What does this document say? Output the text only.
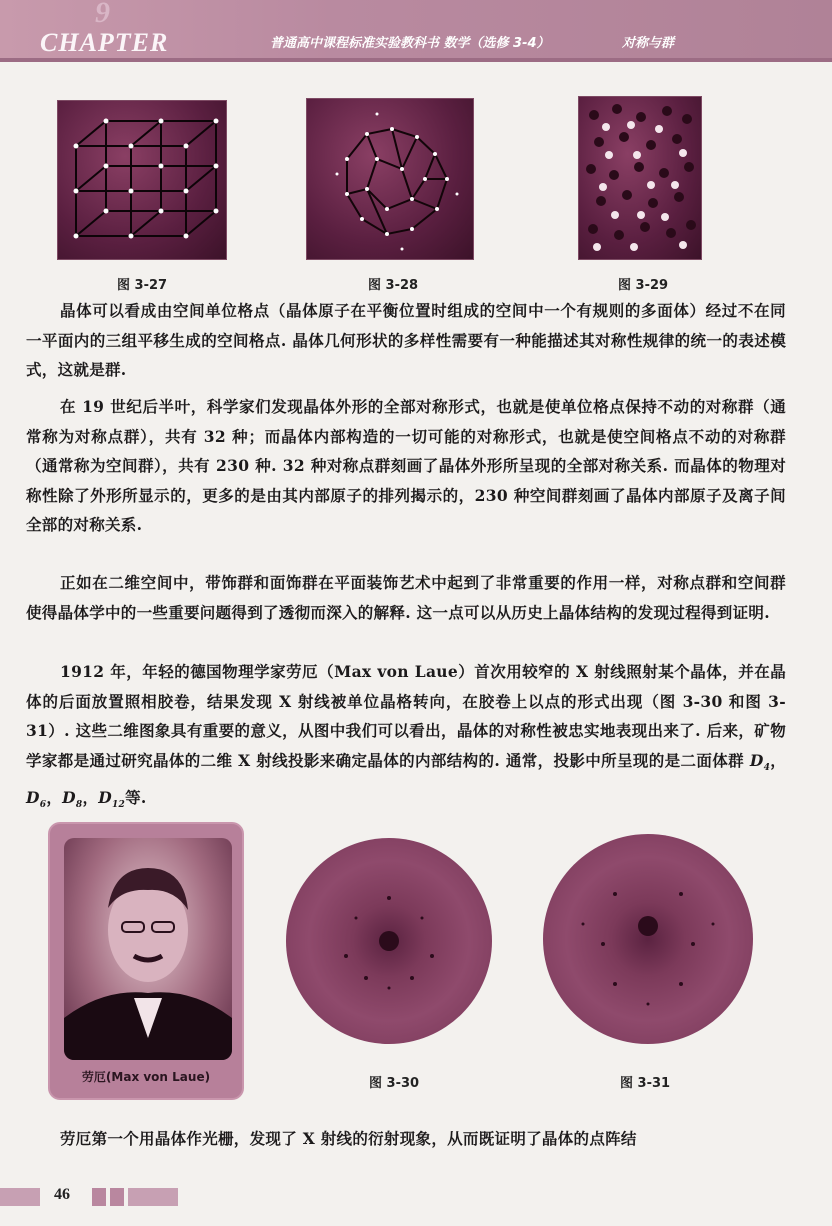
9
CHAPTER	普通高中课程标准实验教科书 数学（选修 3-4）	对称与群
图 3-27	图 3-28	图 3-29

晶体可以看成由空间单位格点（晶体原子在平衡位置时组成的空间中一个有规则的多面体）经过不在同一平面内的三组平移生成的空间格点. 晶体几何形状的多样性需要有一种能描述其对称性规律的统一的表述模式，这就是群.

在 19 世纪后半叶，科学家们发现晶体外形的全部对称形式，也就是使单位格点保持不动的对称群（通常称为对称点群），共有 32 种；而晶体内部构造的一切可能的对称形式，也就是使空间格点不动的对称群（通常称为空间群），共有 230 种. 32 种对称点群刻画了晶体外形所呈现的全部对称关系. 而晶体的物理对称性除了外形所显示的，更多的是由其内部原子的排列揭示的，230 种空间群刻画了晶体内部原子及离子间全部的对称关系.

正如在二维空间中，带饰群和面饰群在平面装饰艺术中起到了非常重要的作用一样，对称点群和空间群使得晶体学中的一些重要问题得到了透彻而深入的解释. 这一点可以从历史上晶体结构的发现过程得到证明.

1912 年，年轻的德国物理学家劳厄（Max von Laue）首次用较窄的 X 射线照射某个晶体，并在晶体的后面放置照相胶卷，结果发现 X 射线被单位晶格转向，在胶卷上以点的形式出现（图 3-30 和图 3-31）. 这些二维图象具有重要的意义，从图中我们可以看出，晶体的对称性被忠实地表现出来了. 后来，矿物学家都是通过研究晶体的二维 X 射线投影来确定晶体的内部结构的. 通常，投影中所呈现的是二面体群 $D_4$，$D_6$，$D_8$，$D_{12}$等.

劳厄(Max von Laue)	图 3-30	图 3-31

劳厄第一个用晶体作光栅，发现了 X 射线的衍射现象，从而既证明了晶体的点阵结

46
